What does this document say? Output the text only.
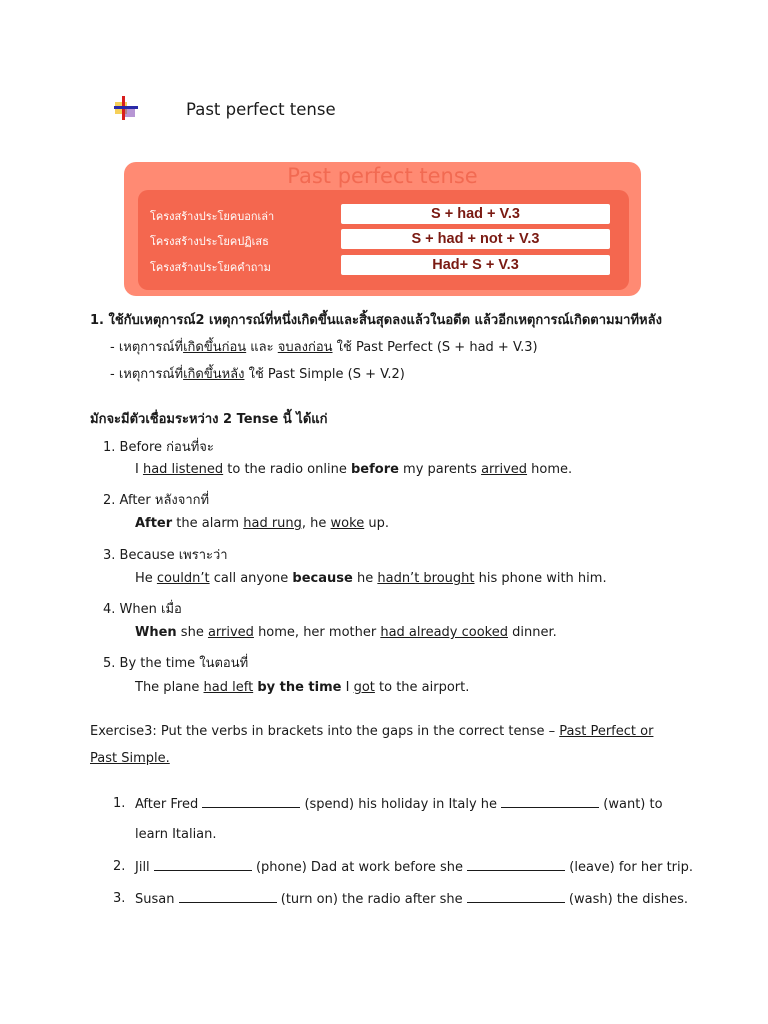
Past perfect tense
Past perfect tense
โครงสร้างประโยคบอกเล่า	S + had + V.3
โครงสร้างประโยคปฏิเสธ	S + had + not + V.3
โครงสร้างประโยคคำถาม	Had+ S + V.3
1. ใช้กับเหตุการณ์2 เหตุการณ์ที่หนึ่งเกิดขึ้นและสิ้นสุดลงแล้วในอดีต แล้วอีกเหตุการณ์เกิดตามมาทีหลัง
- เหตุการณ์ที่เกิดขึ้นก่อน และ จบลงก่อน ใช้ Past Perfect (S + had + V.3)
- เหตุการณ์ที่เกิดขึ้นหลัง ใช้ Past Simple (S + V.2)
มักจะมีตัวเชื่อมระหว่าง 2 Tense นี้ ได้แก่
1. Before ก่อนที่จะ
I had listened to the radio online before my parents arrived home.
2. After หลังจากที่
After the alarm had rung, he woke up.
3. Because เพราะว่า
He couldn’t call anyone because he hadn’t brought his phone with him.
4. When เมื่อ
When she arrived home, her mother had already cooked dinner.
5. By the time ในตอนที่
The plane had left by the time I got to the airport.
Exercise3: Put the verbs in brackets into the gaps in the correct tense – Past Perfect or
Past Simple.
1. After Fred	(spend) his holiday in Italy he	(want) to
learn Italian.
2. Jill	(phone) Dad at work before she	(leave) for her trip.
3. Susan	(turn on) the radio after she	(wash) the dishes.
